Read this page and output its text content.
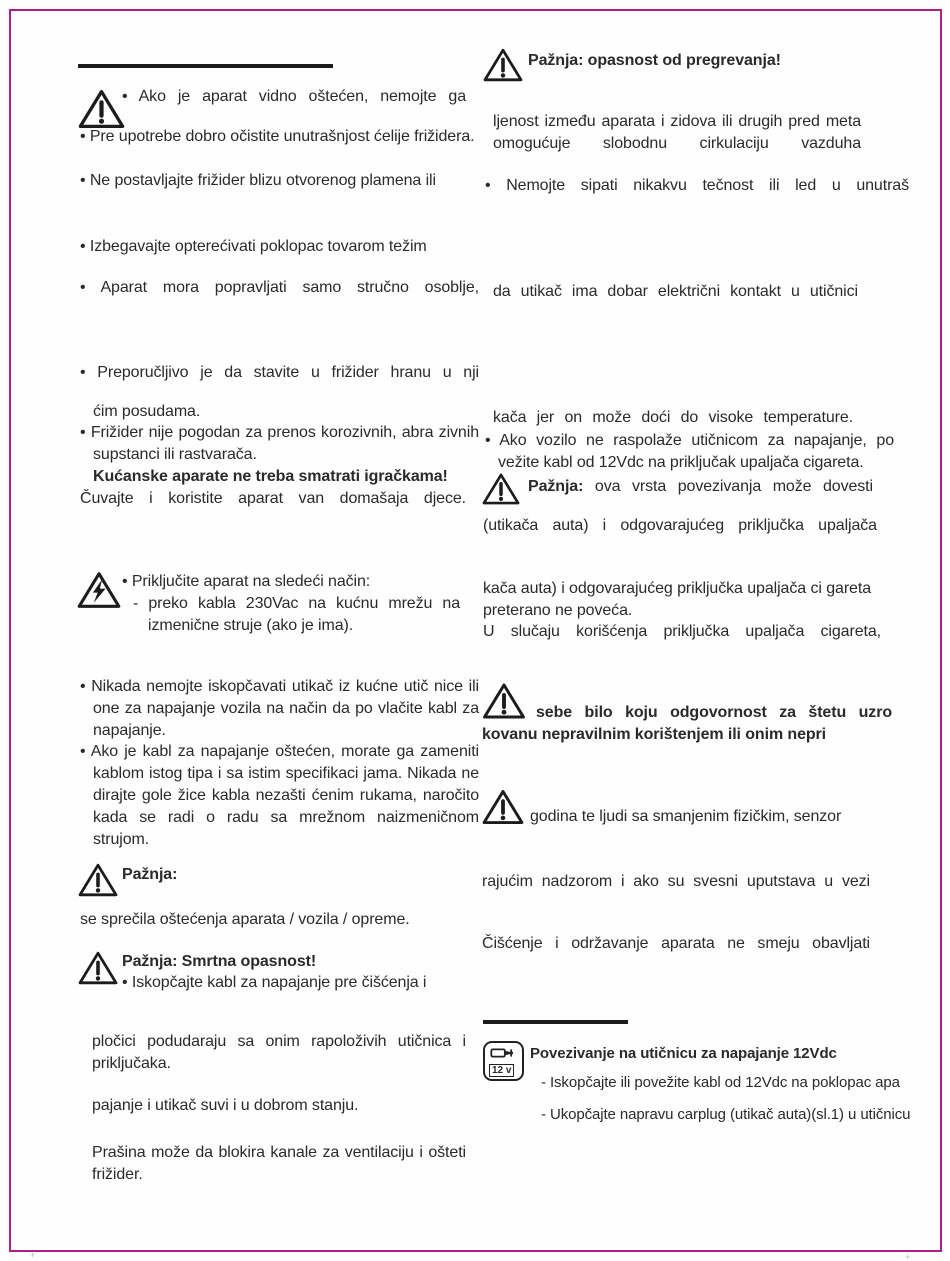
• Ako je aparat vidno oštećen, nemojte ga
• Pre upotrebe dobro očistite unutrašnjost ćelije frižidera.
• Ne postavljajte frižider blizu otvorenog plamena ili
• Izbegavajte opterećivati poklopac tovarom težim
• Aparat mora popravljati samo stručno osoblje,
• Preporučljivo je da stavite u frižider hranu u nji
ćim posudama.
• Frižider nije pogodan za prenos korozivnih, abra zivnih supstanci ili rastvarača.
Kućanske aparate ne treba smatrati igračkama!
Čuvajte i koristite aparat van domašaja djece.
• Priključite aparat na sledeći način:
- preko kabla 230Vac na kućnu mrežu na
izmenične struje (ako je ima).
• Nikada nemojte iskopčavati utikač iz kućne utič nice ili one za napajanje vozila na način da po vlačite kabl za napajanje.
• Ako je kabl za napajanje oštećen, morate ga zameniti kablom istog tipa i sa istim specifikaci jama. Nikada ne dirajte gole žice kabla nezašti ćenim rukama, naročito kada se radi o radu sa mrežnom naizmeničnom strujom.
Pažnja:
se sprečila oštećenja aparata / vozila / opreme.
Pažnja: Smrtna opasnost!
• Iskopčajte kabl za napajanje pre čišćenja i
pločici podudaraju sa onim rapoloživih utičnica i priključaka.
pajanje i utikač suvi i u dobrom stanju.
Prašina može da blokira kanale za ventilaciju i ošteti frižider.
Pažnja: opasnost od pregrevanja!
ljenost između aparata i zidova ili drugih pred meta omogućuje slobodnu cirkulaciju vazduha
• Nemojte sipati nikakvu tečnost ili led u unutraš
da utikač ima dobar električni kontakt u utičnici
kača jer on može doći do visoke temperature.
• Ako vozilo ne raspolaže utičnicom za napajanje, po vežite kabl od 12Vdc na priključak upaljača cigareta.
Pažnja: ova vrsta povezivanja može dovesti
(utikača auta) i odgovarajućeg priključka upaljača
kača auta) i odgovarajućeg priključka upaljača ci gareta preterano ne poveća.
U slučaju korišćenja priključka upaljača cigareta,
sebe bilo koju odgovornost za štetu uzro kovanu nepravilnim korištenjem ili onim nepri
godina te ljudi sa smanjenim fizičkim, senzor
rajućim nadzorom i ako su svesni uputstava u vezi
Čišćenje i održavanje aparata ne smeju obavljati
12 v
Povezivanje na utičnicu za napajanje 12Vdc
- Iskopčajte ili povežite kabl od 12Vdc na poklopac apa
- Ukopčajte napravu carplug (utikač auta)(sl.1) u utičnicu
+	+
